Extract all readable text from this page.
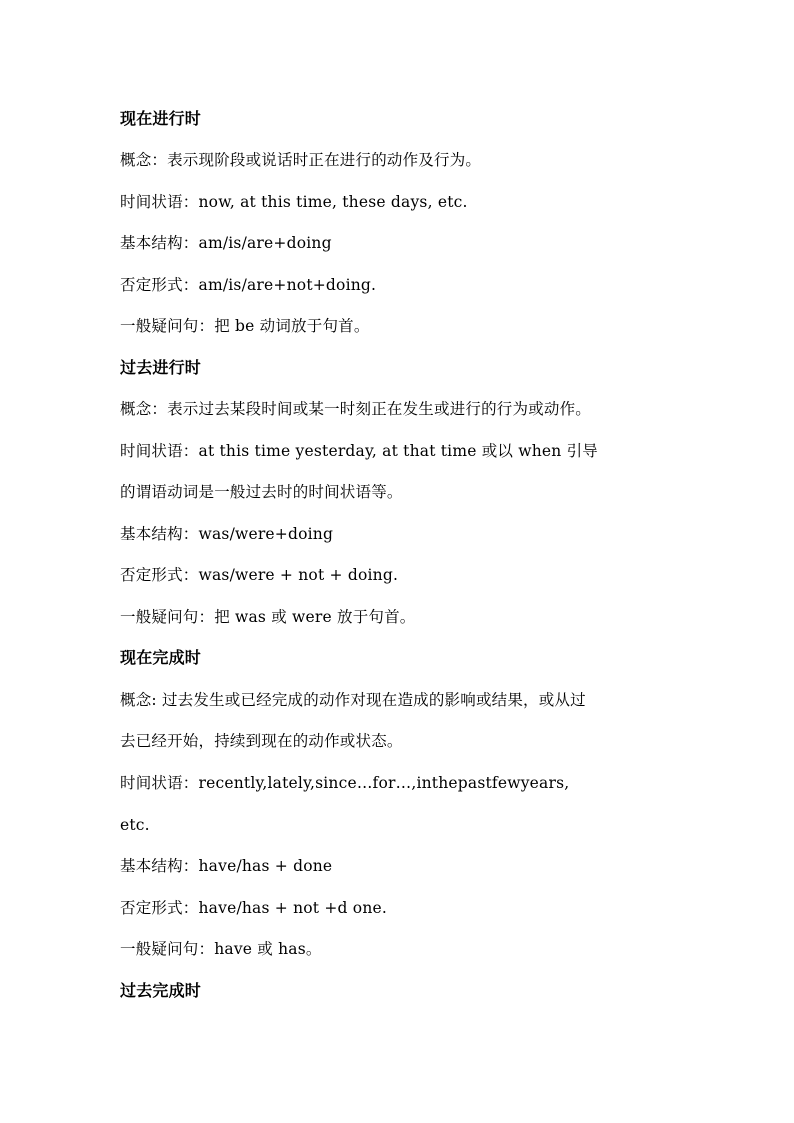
现在进行时
概念：表示现阶段或说话时正在进行的动作及行为。
时间状语：now, at this time, these days, etc.
基本结构：am/is/are+doing
否定形式：am/is/are+not+doing.
一般疑问句：把 be 动词放于句首。
过去进行时
概念：表示过去某段时间或某一时刻正在发生或进行的行为或动作。
时间状语：at this time yesterday, at that time 或以 when 引导
的谓语动词是一般过去时的时间状语等。
基本结构：was/were+doing
否定形式：was/were + not + doing.
一般疑问句：把 was 或 were 放于句首。
现在完成时
概念: 过去发生或已经完成的动作对现在造成的影响或结果，或从过
去已经开始，持续到现在的动作或状态。
时间状语：recently,lately,since…for…,inthepastfewyears,
etc.
基本结构：have/has + done
否定形式：have/has + not +d one.
一般疑问句：have 或 has。
过去完成时
